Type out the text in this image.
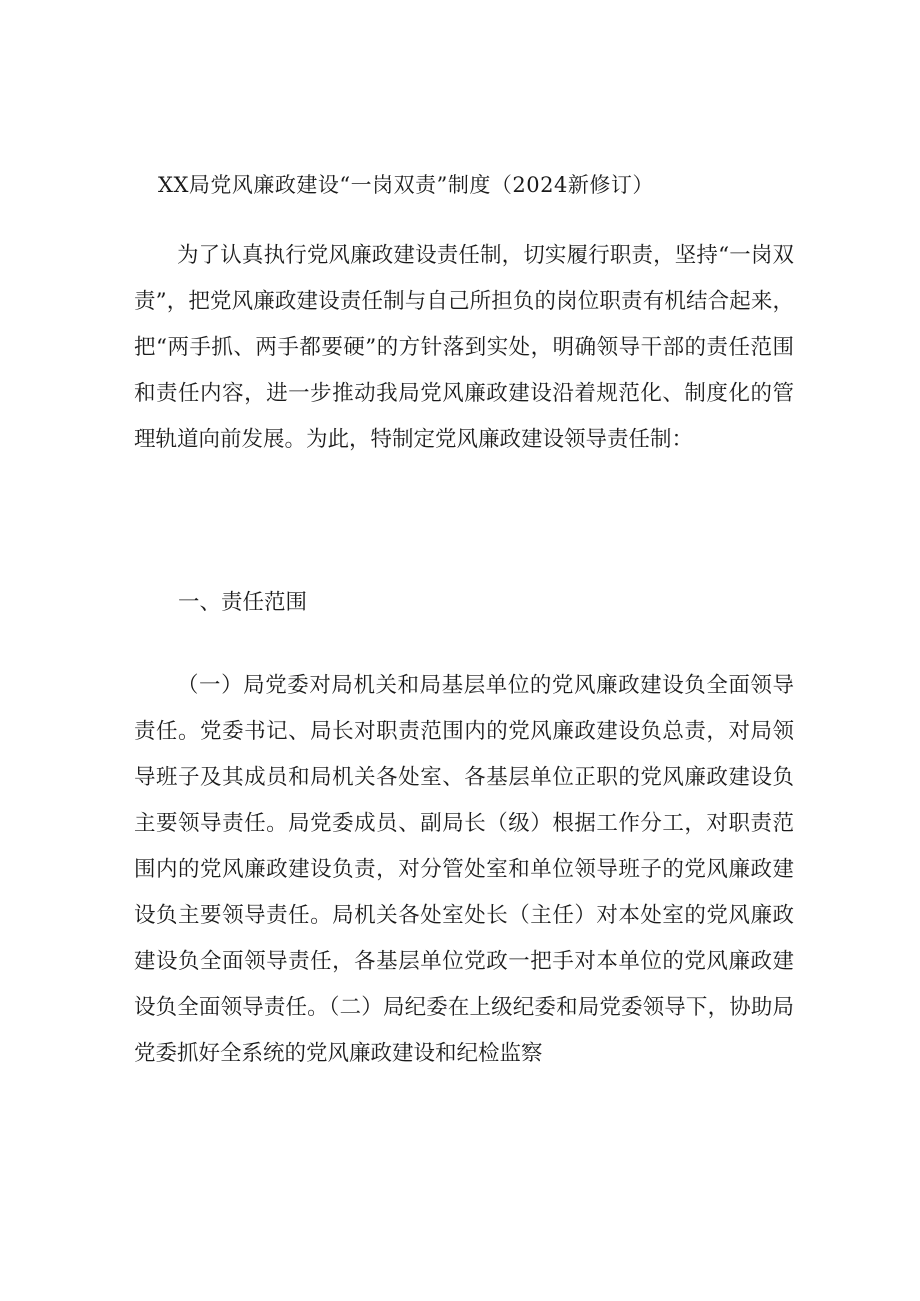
XX局党风廉政建设“一岗双责”制度（2024新修订）

为了认真执行党风廉政建设责任制，切实履行职责，坚持“一岗双责”，把党风廉政建设责任制与自己所担负的岗位职责有机结合起来，把“两手抓、两手都要硬”的方针落到实处，明确领导干部的责任范围和责任内容，进一步推动我局党风廉政建设沿着规范化、制度化的管理轨道向前发展。为此，特制定党风廉政建设领导责任制：

一、责任范围

（一）局党委对局机关和局基层单位的党风廉政建设负全面领导责任。党委书记、局长对职责范围内的党风廉政建设负总责，对局领导班子及其成员和局机关各处室、各基层单位正职的党风廉政建设负主要领导责任。局党委成员、副局长（级）根据工作分工，对职责范围内的党风廉政建设负责，对分管处室和单位领导班子的党风廉政建设负主要领导责任。局机关各处室处长（主任）对本处室的党风廉政建设负全面领导责任，各基层单位党政一把手对本单位的党风廉政建设负全面领导责任。（二）局纪委在上级纪委和局党委领导下，协助局党委抓好全系统的党风廉政建设和纪检监察
